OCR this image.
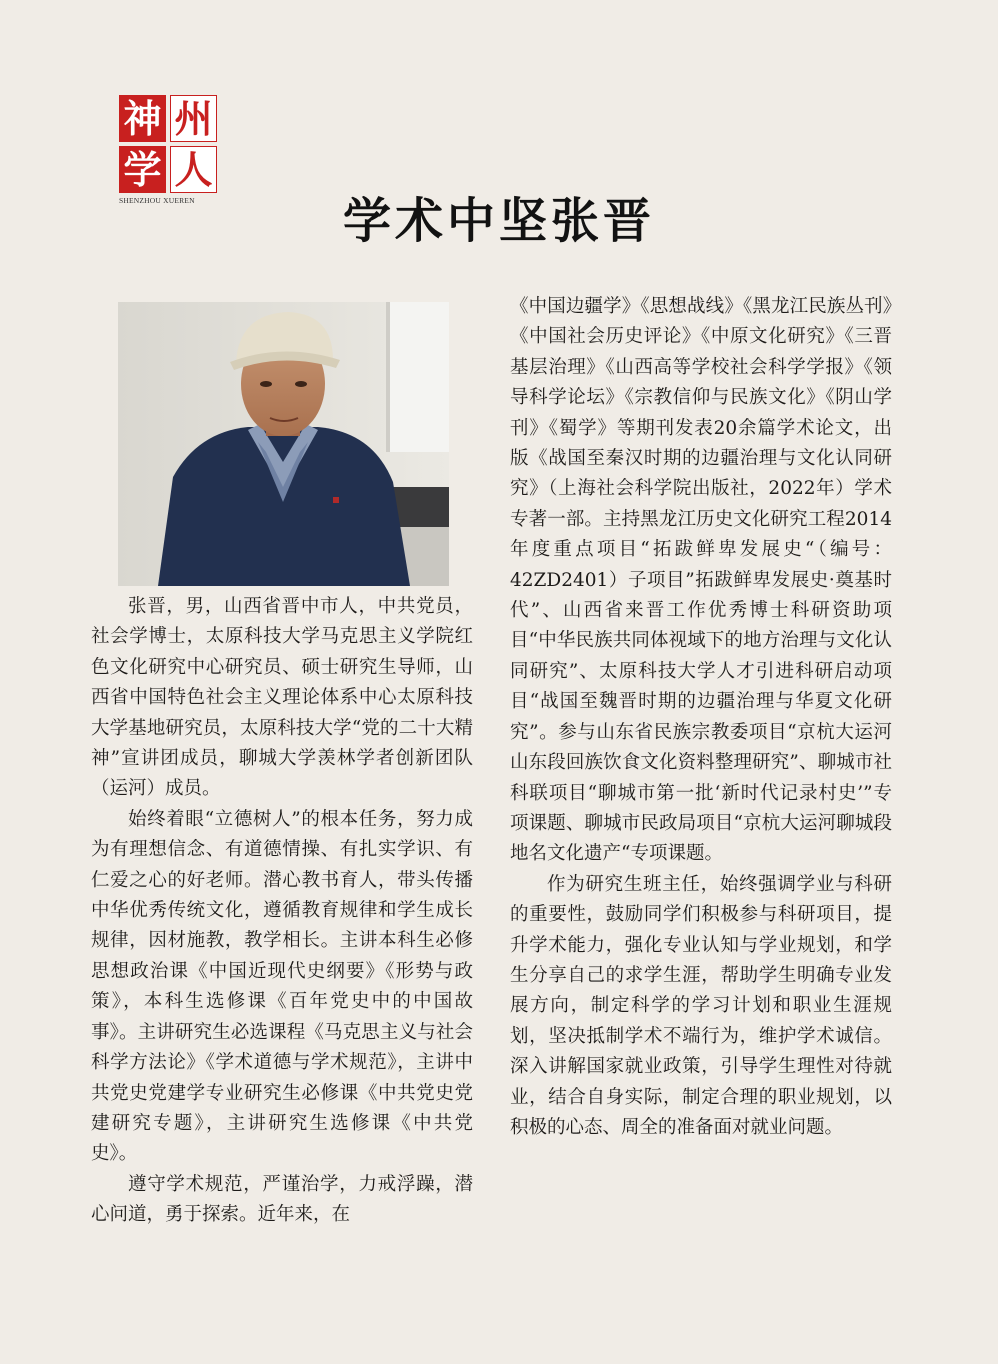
神 州
学 人
SHENZHOU XUEREN	学术中坚张晋

张晋，男，山西省晋中市人，中共党员，社会学博士，太原科技大学马克思主义学院红色文化研究中心研究员、硕士研究生导师，山西省中国特色社会主义理论体系中心太原科技大学基地研究员，太原科技大学“党的二十大精神”宣讲团成员，聊城大学羡林学者创新团队（运河）成员。

始终着眼“立德树人”的根本任务，努力成为有理想信念、有道德情操、有扎实学识、有仁爱之心的好老师。潜心教书育人，带头传播中华优秀传统文化，遵循教育规律和学生成长规律，因材施教，教学相长。主讲本科生必修思想政治课《中国近现代史纲要》《形势与政策》，本科生选修课《百年党史中的中国故事》。主讲研究生必选课程《马克思主义与社会科学方法论》《学术道德与学术规范》，主讲中共党史党建学专业研究生必修课《中共党史党建研究专题》，主讲研究生选修课《中共党史》。

遵守学术规范，严谨治学，力戒浮躁，潜心问道，勇于探索。近年来，在

《中国边疆学》《思想战线》《黑龙江民族丛刊》《中国社会历史评论》《中原文化研究》《三晋基层治理》《山西高等学校社会科学学报》《领导科学论坛》《宗教信仰与民族文化》《阴山学刊》《蜀学》等期刊发表20余篇学术论文，出版《战国至秦汉时期的边疆治理与文化认同研究》（上海社会科学院出版社，2022年）学术专著一部。主持黑龙江历史文化研究工程2014年度重点项目“拓跋鲜卑发展史“（编号：42ZD2401）子项目”拓跋鲜卑发展史·奠基时代”、山西省来晋工作优秀博士科研资助项目“中华民族共同体视域下的地方治理与文化认同研究”、太原科技大学人才引进科研启动项目“战国至魏晋时期的边疆治理与华夏文化研究”。参与山东省民族宗教委项目“京杭大运河山东段回族饮食文化资料整理研究”、聊城市社科联项目“聊城市第一批‘新时代记录村史’”专项课题、聊城市民政局项目“京杭大运河聊城段地名文化遗产“专项课题。

作为研究生班主任，始终强调学业与科研的重要性，鼓励同学们积极参与科研项目，提升学术能力，强化专业认知与学业规划，和学生分享自己的求学生涯，帮助学生明确专业发展方向，制定科学的学习计划和职业生涯规划，坚决抵制学术不端行为，维护学术诚信。深入讲解国家就业政策，引导学生理性对待就业，结合自身实际，制定合理的职业规划，以积极的心态、周全的准备面对就业问题。
